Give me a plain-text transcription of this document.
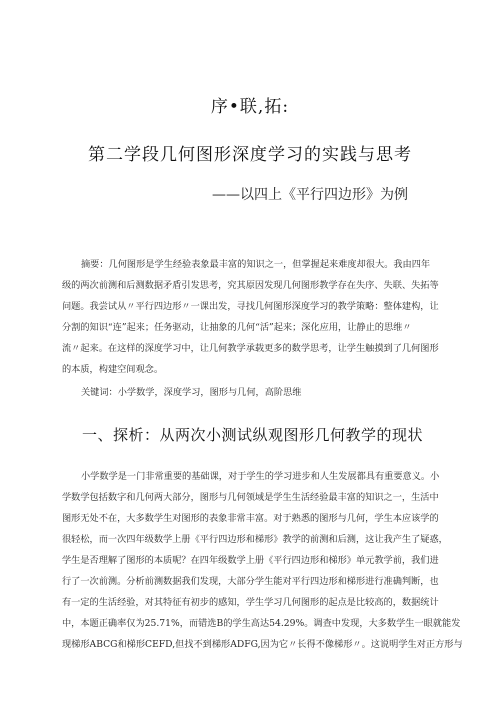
序•联,拓:
第二学段几何图形深度学习的实践与思考
——以四上《平行四边形》为例
摘要：几何图形是学生经验表象最丰富的知识之一，但掌握起来难度却很大。我由四年
级的两次前测和后测数据矛盾引发思考，究其原因发现几何图形教学存在失序、失联、失拓等
问题。我尝试从〃平行四边形〃一课出发，寻找几何图形深度学习的教学策略：整体建构，让
分割的知识“连”起来；任务驱动，让抽象的几何“活”起来；深化应用，让静止的思维〃
流〃起来。在这样的深度学习中，让几何教学承载更多的数学思考，让学生触摸到了几何图形
的本质，构建空间观念。
关键词：小学数学，深度学习，图形与几何，高阶思维
一、探析：从两次小测试纵观图形几何教学的现状
小学数学是一门非常重要的基础课，对于学生的学习进步和人生发展都具有重要意义。小
学数学包括数字和几何两大部分，图形与几何领域是学生生活经验最丰富的知识之一，生活中
图形无处不在，大多数学生对图形的表象非常丰富。对于熟悉的图形与几何，学生本应该学的
很轻松，而一次四年级数学上册《平行四边形和梯形》教学的前测和后测，这让我产生了疑惑，
学生是否理解了图形的本质呢？在四年级数学上册《平行四边形和梯形》单元教学前，我们进
行了一次前测。分析前测数据我们发现，大部分学生能对平行四边形和梯形进行准确判断，也
有一定的生活经验，对其特征有初步的感知，学生学习几何图形的起点是比较高的，数据统计
中，本题正确率仅为25.71%，而错选B的学生高达54.29%。调查中发现，大多数学生一眼就能发
现梯形ABCG和梯形CEFD,但找不到梯形ADFG,因为它〃长得不像梯形〃。这说明学生对正方形与
